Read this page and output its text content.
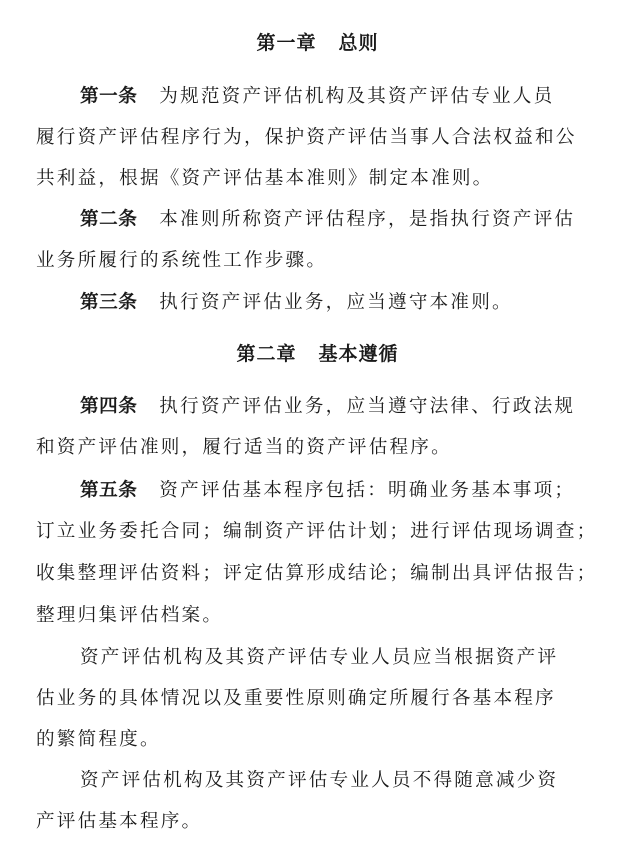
第一章 总则
第一条 为规范资产评估机构及其资产评估专业人员
履行资产评估程序行为，保护资产评估当事人合法权益和公
共利益，根据《资产评估基本准则》制定本准则。
第二条 本准则所称资产评估程序，是指执行资产评估
业务所履行的系统性工作步骤。
第三条 执行资产评估业务，应当遵守本准则。
第二章 基本遵循
第四条 执行资产评估业务，应当遵守法律、行政法规
和资产评估准则，履行适当的资产评估程序。
第五条 资产评估基本程序包括：明确业务基本事项；
订立业务委托合同；编制资产评估计划；进行评估现场调查；
收集整理评估资料；评定估算形成结论；编制出具评估报告；
整理归集评估档案。
资产评估机构及其资产评估专业人员应当根据资产评
估业务的具体情况以及重要性原则确定所履行各基本程序
的繁简程度。
资产评估机构及其资产评估专业人员不得随意减少资
产评估基本程序。
